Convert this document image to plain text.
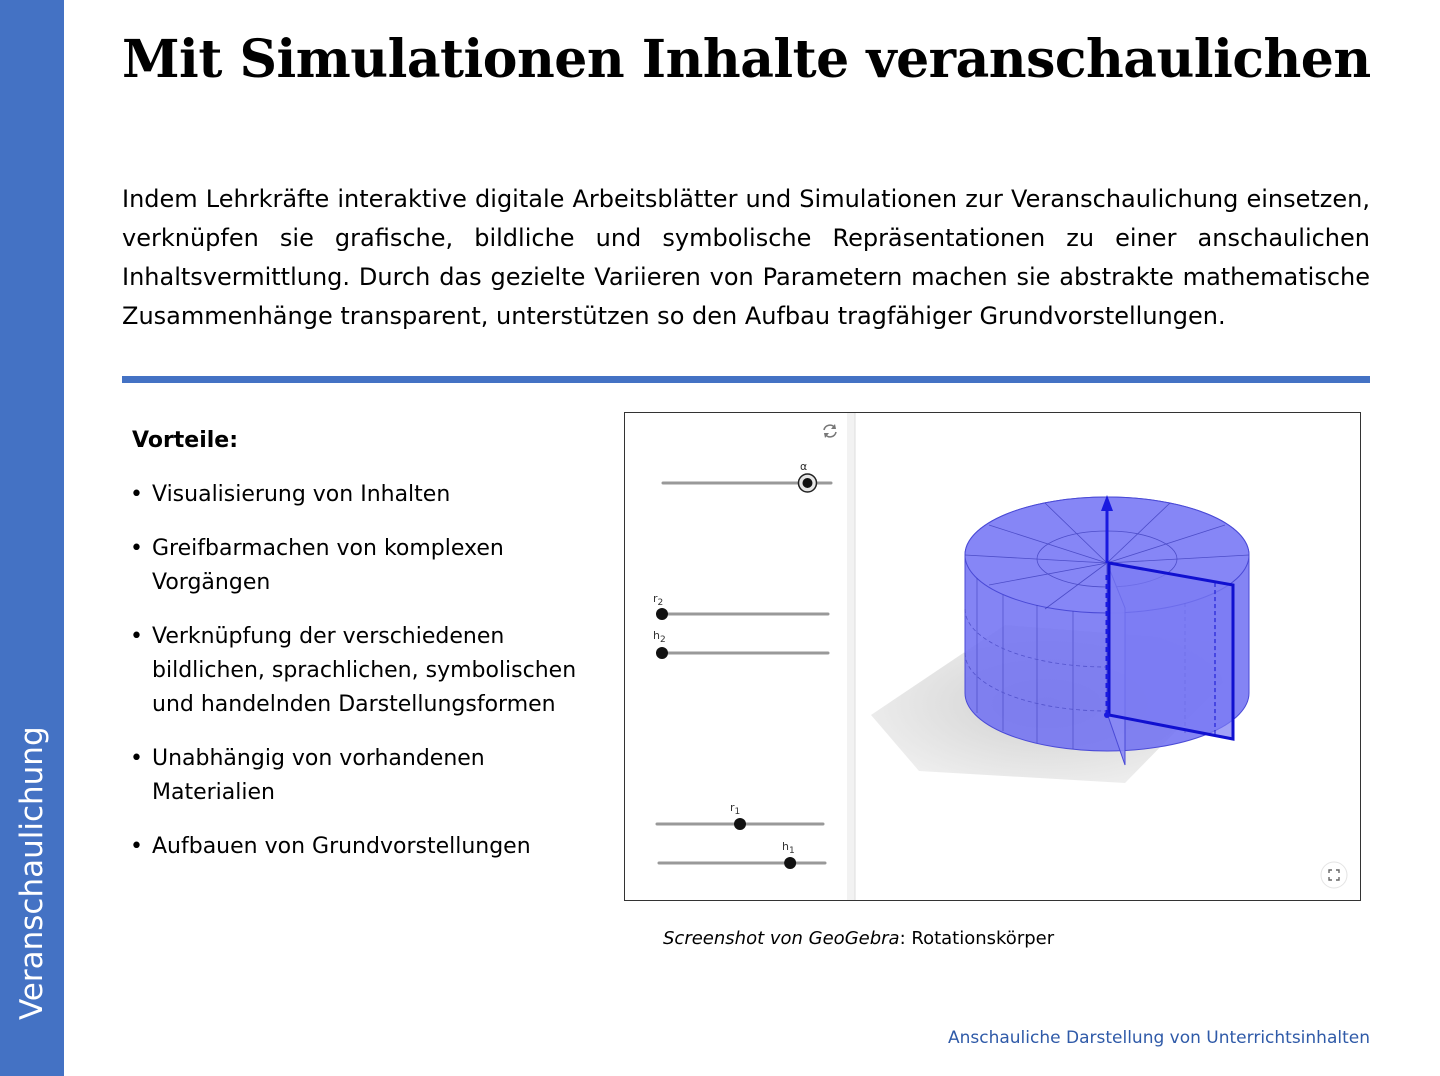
Veranschaulichung
Mit Simulationen Inhalte veranschaulichen

Indem Lehrkräfte interaktive digitale Arbeitsblätter und Simulationen zur Veranschaulichung einsetzen, verknüpfen sie grafische, bildliche und symbolische Repräsentationen zu einer anschaulichen Inhaltsvermittlung. Durch das gezielte Variieren von Parametern machen sie abstrakte mathematische Zusammenhänge transparent, unterstützen so den Aufbau tragfähiger Grundvorstellungen.

Vorteile:
• Visualisierung von Inhalten
• Greifbarmachen von komplexen Vorgängen
• Verknüpfung der verschiedenen bildlichen, sprachlichen, symbolischen und handelnden Darstellungsformen
• Unabhängig von vorhandenen Materialien
• Aufbauen von Grundvorstellungen
α
$r_2$
$h_2$
$r_1$
$h_1$
Screenshot von GeoGebra: Rotationskörper
Anschauliche Darstellung von Unterrichtsinhalten
